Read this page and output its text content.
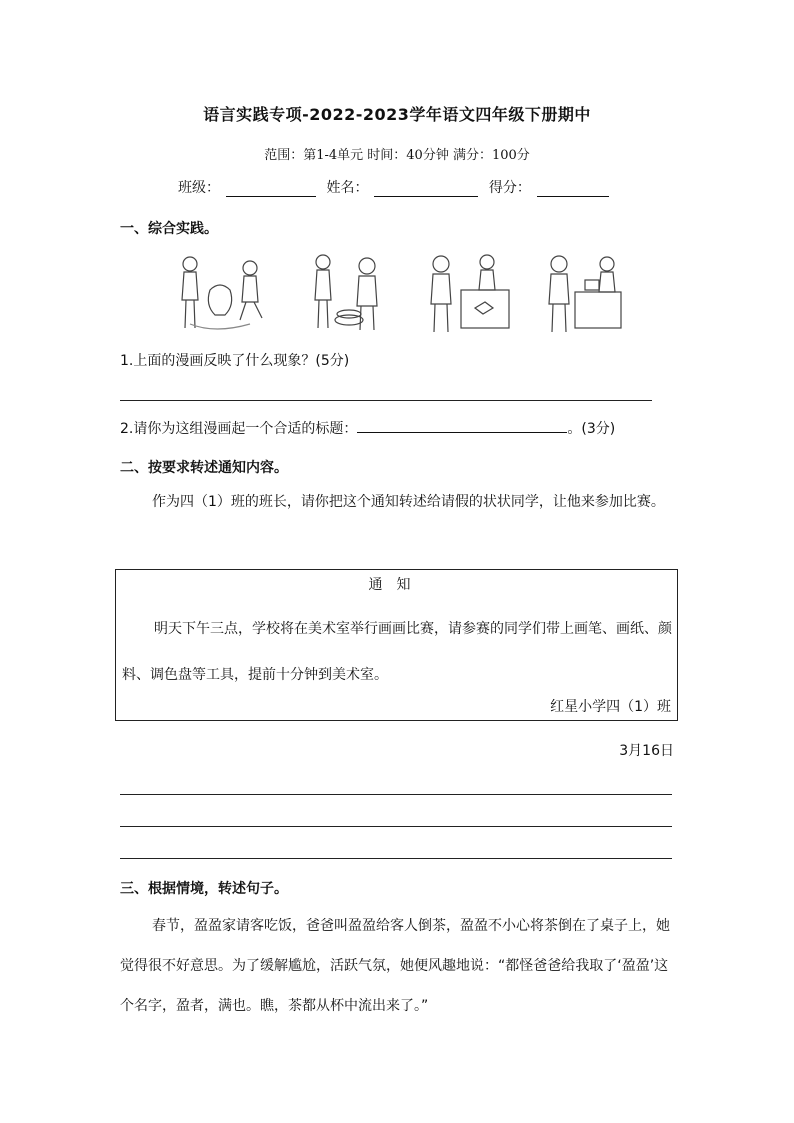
语言实践专项-2022-2023学年语文四年级下册期中
范围：第1-4单元 时间：40分钟 满分：100分
班级：	姓名：	得分：
一、综合实践。
1.上面的漫画反映了什么现象？(5分)
2.请你为这组漫画起一个合适的标题：	。(3分)
二、按要求转述通知内容。
作为四（1）班的班长，请你把这个通知转述给请假的状状同学，让他来参加比赛。
通知
明天下午三点，学校将在美术室举行画画比赛，请参赛的同学们带上画笔、画纸、颜料、调色盘等工具，提前十分钟到美术室。
红星小学四（1）班
3月16日
三、根据情境，转述句子。
春节，盈盈家请客吃饭，爸爸叫盈盈给客人倒茶，盈盈不小心将茶倒在了桌子上，她觉得很不好意思。为了缓解尴尬，活跃气氛，她便风趣地说：“都怪爸爸给我取了‘盈盈’这个名字，盈者，满也。瞧，茶都从杯中流出来了。”
